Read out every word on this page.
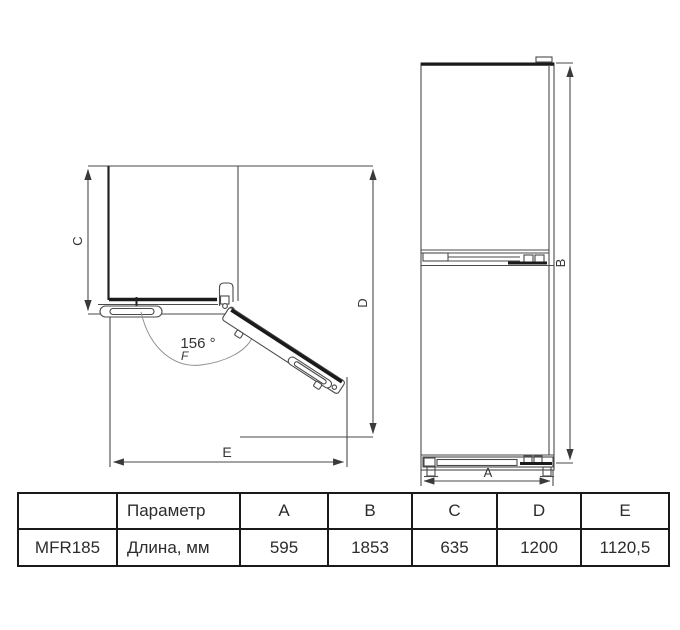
156 °
F
C
D
E
A
B
	Параметр	A	B	C	D	E
MFR185	Длина, мм	595	1853	635	1200	1120,5
